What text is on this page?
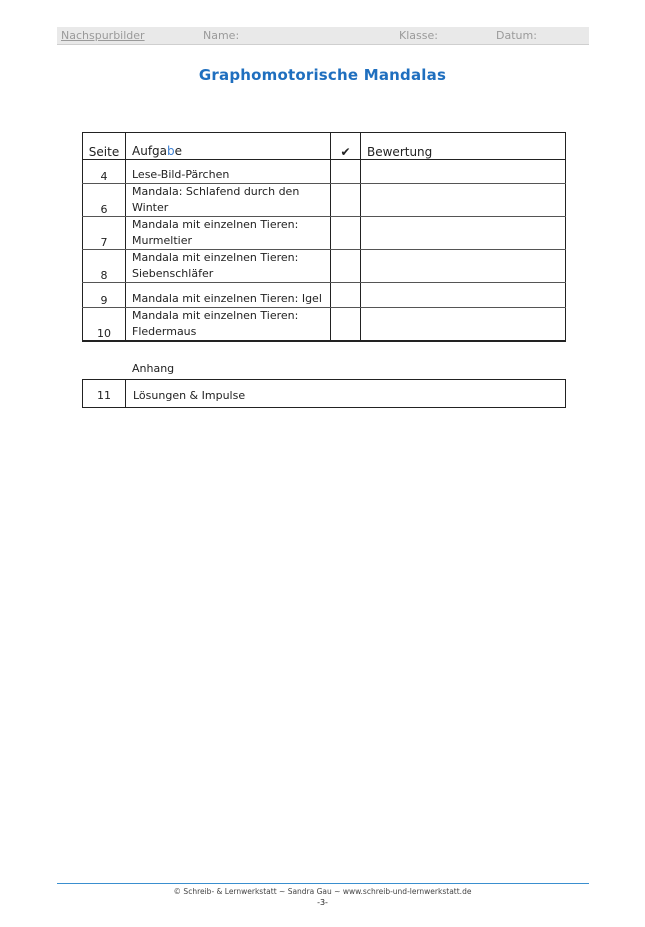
Nachspurbilder	Name:	Klasse:	Datum:
Graphomotorische Mandalas
Seite	Aufgabe	✔	Bewertung
4	Lese-Bild-Pärchen		
6	Mandala: Schlafend durch den
Winter		

7	Mandala mit einzelnen Tieren:
Murmeltier		

8	Mandala mit einzelnen Tieren:
Siebenschläfer		

9	Mandala mit einzelnen Tieren: Igel		
10	Mandala mit einzelnen Tieren:
Fledermaus		

Anhang
11	Lösungen & Impulse
© Schreib- & Lernwerkstatt ~ Sandra Gau ~ www.schreib-und-lernwerkstatt.de
-3-
